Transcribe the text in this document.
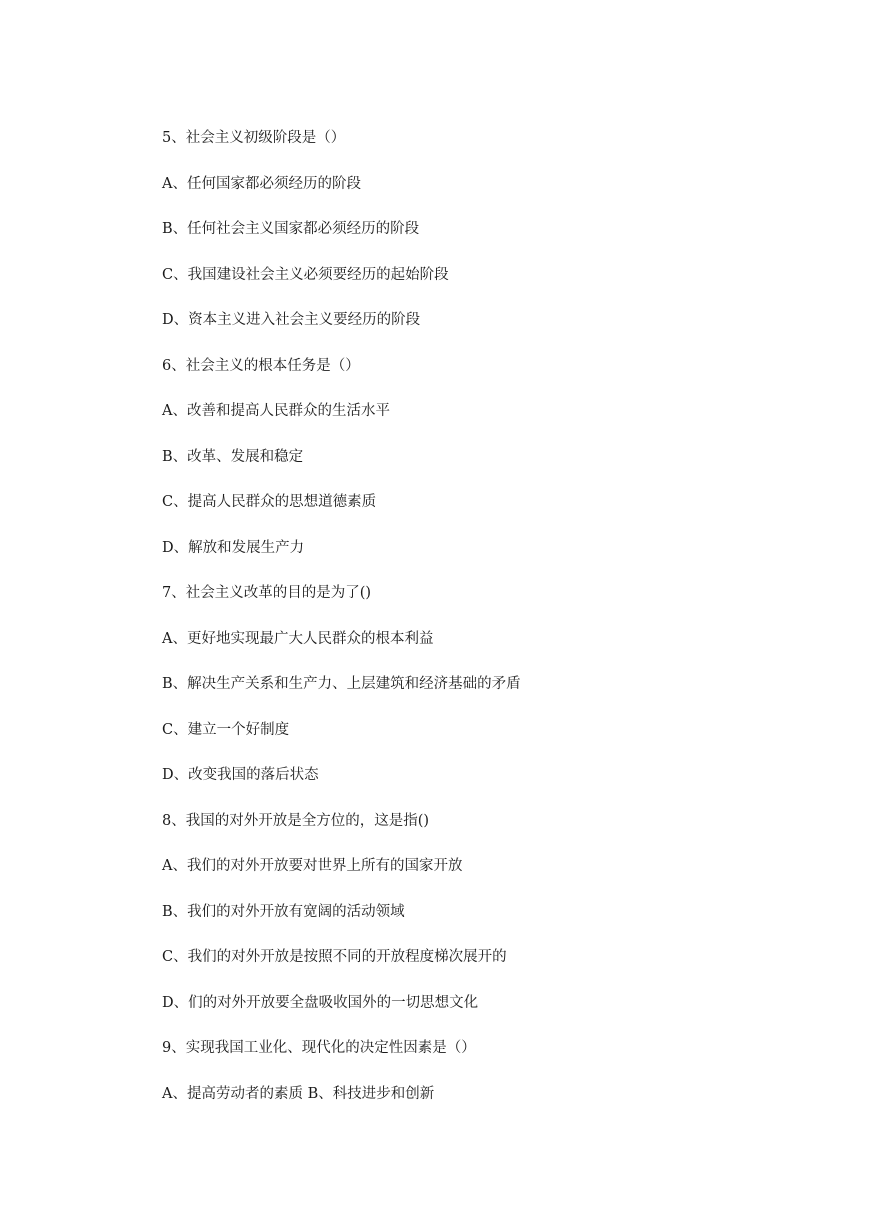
5、社会主义初级阶段是（）
A、任何国家都必须经历的阶段
B、任何社会主义国家都必须经历的阶段
C、我国建设社会主义必须要经历的起始阶段
D、资本主义进入社会主义要经历的阶段
6、社会主义的根本任务是（）
A、改善和提高人民群众的生活水平
B、改革、发展和稳定
C、提高人民群众的思想道德素质
D、解放和发展生产力
7、社会主义改革的目的是为了()
A、更好地实现最广大人民群众的根本利益
B、解决生产关系和生产力、上层建筑和经济基础的矛盾
C、建立一个好制度
D、改变我国的落后状态
8、我国的对外开放是全方位的，这是指()
A、我们的对外开放要对世界上所有的国家开放
B、我们的对外开放有宽阔的活动领域
C、我们的对外开放是按照不同的开放程度梯次展开的
D、们的对外开放要全盘吸收国外的一切思想文化
9、实现我国工业化、现代化的决定性因素是（）
A、提高劳动者的素质 B、科技进步和创新
